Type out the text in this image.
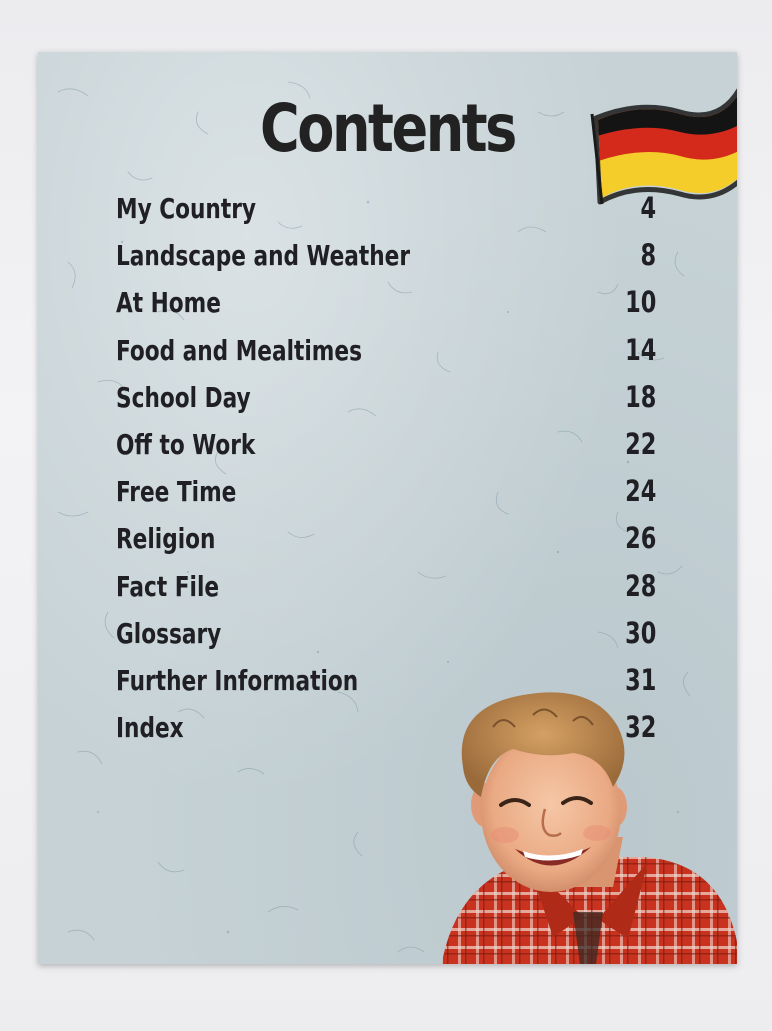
Contents
My Country	4
Landscape and Weather	8
At Home	10
Food and Mealtimes	14
School Day	18
Off to Work	22
Free Time	24
Religion	26
Fact File	28
Glossary	30
Further Information	31
Index	32
